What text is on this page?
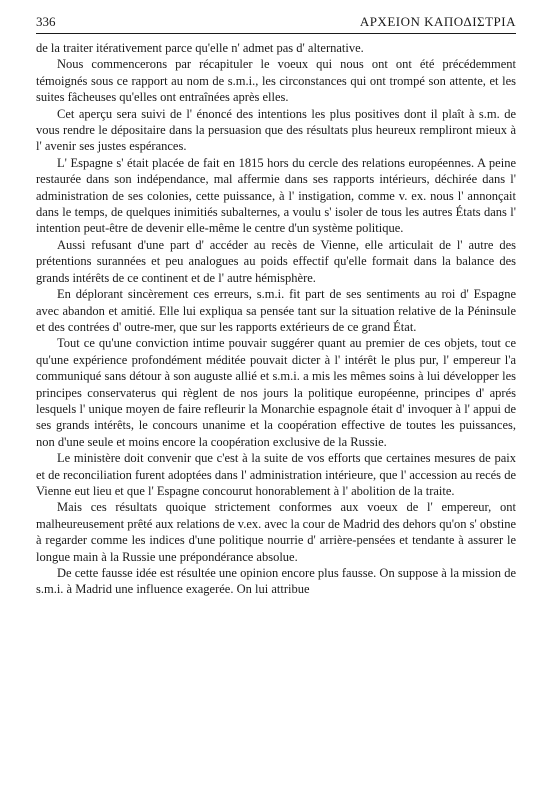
336	ΑΡΧΕΙΟΝ ΚΑΠΟΔΙΣΤΡΙΑ

de la traiter itérativement parce qu'elle n' admet pas d' alternative.

Nous commencerons par récapituler le voeux qui nous ont ont été précédemment témoignés sous ce rapport au nom de s.m.i., les circonstances qui ont trompé son attente, et les suites fâcheuses qu'elles ont entraînées après elles.

Cet aperçu sera suivi de l' énoncé des intentions les plus positives dont il plaît à s.m. de vous rendre le dépositaire dans la persuasion que des résultats plus heureux rempliront mieux à l' avenir ses justes espérances.

L' Espagne s' était placée de fait en 1815 hors du cercle des relations européennes. A peine restaurée dans son indépendance, mal affermie dans ses rapports intérieurs, déchirée dans l' administration de ses colonies, cette puissance, à l' instigation, comme v. ex. nous l' annonçait dans le temps, de quelques inimitiés subalternes, a voulu s' isoler de tous les autres États dans l' intention peut-être de devenir elle-même le centre d'un système politique.

Aussi refusant d'une part d' accéder au recès de Vienne, elle articulait de l' autre des prétentions surannées et peu analogues au poids effectif qu'elle formait dans la balance des grands intérêts de ce continent et de l' autre hémisphère.

En déplorant sincèrement ces erreurs, s.m.i. fit part de ses sentiments au roi d' Espagne avec abandon et amitié. Elle lui expliqua sa pensée tant sur la situation relative de la Péninsule et des contrées d' outre-mer, que sur les rapports extérieurs de ce grand État.

Tout ce qu'une conviction intime pouvair suggérer quant au premier de ces objets, tout ce qu'une expérience profondément méditée pouvait dicter à l' intérêt le plus pur, l' empereur l'a communiqué sans détour à son auguste allié et s.m.i. a mis les mêmes soins à lui développer les principes conservaterus qui règlent de nos jours la politique européenne, principes d' aprés lesquels l' unique moyen de faire refleurir la Monarchie espagnole était d' invoquer à l' appui de ses grands intérêts, le concours unanime et la coopération effective de toutes les puissances, non d'une seule et moins encore la coopération exclusive de la Russie.

Le ministère doit convenir que c'est à la suite de vos efforts que certaines mesures de paix et de reconciliation furent adoptées dans l' administration intérieure, que l' accession au recés de Vienne eut lieu et que l' Espagne concourut honorablement à l' abolition de la traite.

Mais ces résultats quoique strictement conformes aux voeux de l' empereur, ont malheureusement prêté aux relations de v.ex. avec la cour de Madrid des dehors qu'on s' obstine à regarder comme les indices d'une politique nourrie d' arrière-pensées et tendante à assurer le longue main à la Russie une prépondérance absolue.

De cette fausse idée est résultée une opinion encore plus fausse. On suppose à la mission de s.m.i. à Madrid une influence exagerée. On lui attribue
